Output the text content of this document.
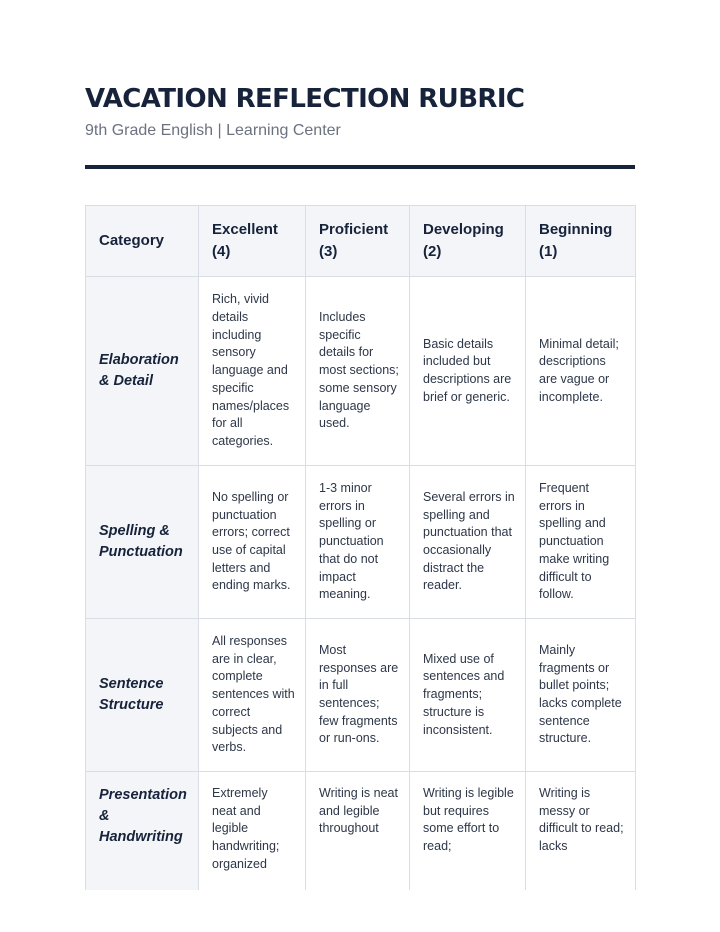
VACATION REFLECTION RUBRIC
9th Grade English | Learning Center
Category	Excellent (4)	Proficient (3)	Developing (2)	Beginning (1)
Elaboration & Detail	Rich, vivid details including sensory language and specific names/places for all categories.	Includes specific details for most sections; some sensory language used.	Basic details included but descriptions are brief or generic.	Minimal detail; descriptions are vague or incomplete.
Spelling & Punctuation	No spelling or punctuation errors; correct use of capital letters and ending marks.	1-3 minor errors in spelling or punctuation that do not impact meaning.	Several errors in spelling and punctuation that occasionally distract the reader.	Frequent errors in spelling and punctuation make writing difficult to follow.
Sentence Structure	All responses are in clear, complete sentences with correct subjects and verbs.	Most responses are in full sentences; few fragments or run-ons.	Mixed use of sentences and fragments; structure is inconsistent.	Mainly fragments or bullet points; lacks complete sentence structure.
Presentation & Handwriting	Extremely neat and legible handwriting; organized	Writing is neat and legible throughout	Writing is legible but requires some effort to read;	Writing is messy or difficult to read; lacks
